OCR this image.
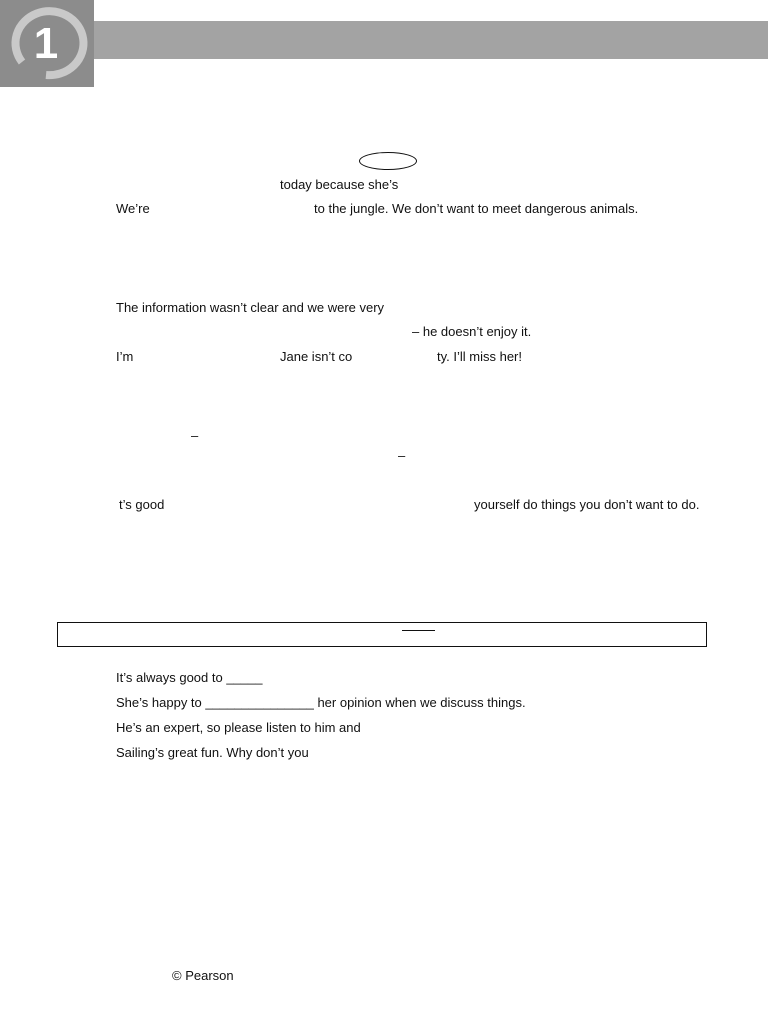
1
today because she’s
We’re	to the jungle. We don’t want to meet dangerous animals.
The information wasn’t clear and we were very
– he doesn’t enjoy it.
I’m	Jane isn’t co	ty. I’ll miss her!
–
–
t’s good	yourself do things you don’t want to do.
It’s always good to _____
She’s happy to _______________ her opinion when we discuss things.
He’s an expert, so please listen to him and
Sailing’s great fun. Why don’t you
© Pearson
